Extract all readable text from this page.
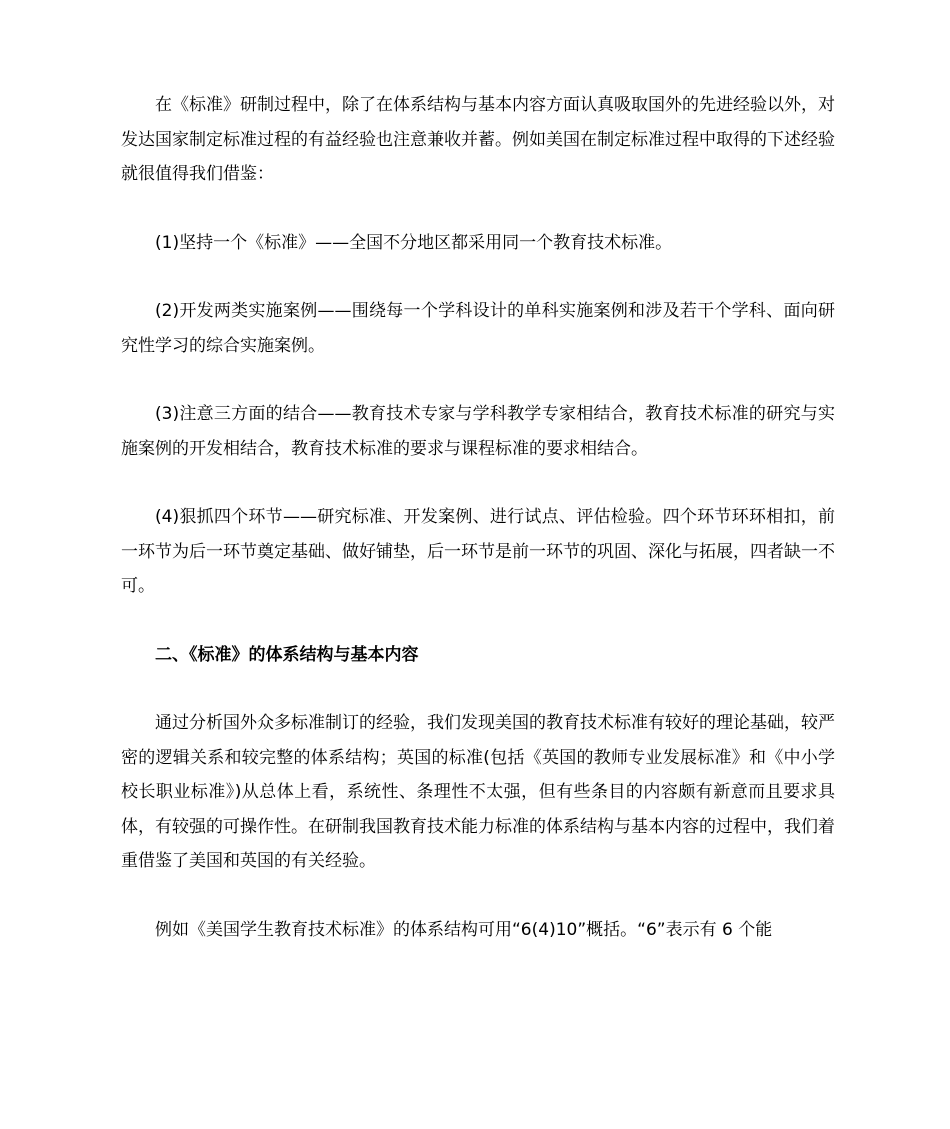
在《标准》研制过程中，除了在体系结构与基本内容方面认真吸取国外的先进经验以外，对发达国家制定标准过程的有益经验也注意兼收并蓄。例如美国在制定标准过程中取得的下述经验就很值得我们借鉴：

(1)坚持一个《标准》——全国不分地区都采用同一个教育技术标准。

(2)开发两类实施案例——围绕每一个学科设计的单科实施案例和涉及若干个学科、面向研究性学习的综合实施案例。

(3)注意三方面的结合——教育技术专家与学科教学专家相结合，教育技术标准的研究与实施案例的开发相结合，教育技术标准的要求与课程标准的要求相结合。

(4)狠抓四个环节——研究标准、开发案例、进行试点、评估检验。四个环节环环相扣，前一环节为后一环节奠定基础、做好铺垫，后一环节是前一环节的巩固、深化与拓展，四者缺一不可。

二、《标准》的体系结构与基本内容

通过分析国外众多标准制订的经验，我们发现美国的教育技术标准有较好的理论基础，较严密的逻辑关系和较完整的体系结构；英国的标准(包括《英国的教师专业发展标准》和《中小学校长职业标准》)从总体上看，系统性、条理性不太强，但有些条目的内容颇有新意而且要求具体，有较强的可操作性。在研制我国教育技术能力标准的体系结构与基本内容的过程中，我们着重借鉴了美国和英国的有关经验。

例如《美国学生教育技术标准》的体系结构可用“6(4)10”概括。“6”表示有 6 个能
